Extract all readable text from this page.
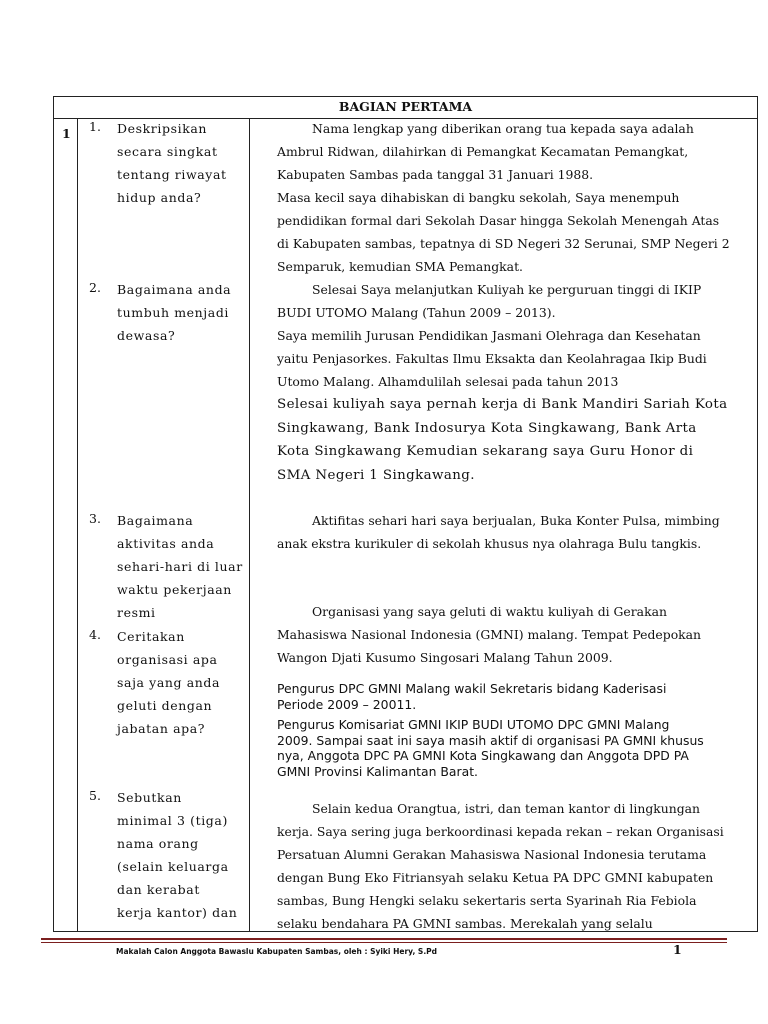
BAGIAN PERTAMA
1 1. Deskripsikan
secara singkat
tentang riwayat
hidup anda?
2. Bagaimana anda
tumbuh menjadi
dewasa?
3. Bagaimana
aktivitas anda
sehari-hari di luar
waktu pekerjaan
resmi
4. Ceritakan
organisasi apa
saja yang anda
geluti dengan
jabatan apa?
5. Sebutkan
minimal 3 (tiga)
nama orang
(selain keluarga
dan kerabat
kerja kantor) dan

Nama lengkap yang diberikan orang tua kepada saya adalah
Ambrul Ridwan, dilahirkan di Pemangkat Kecamatan Pemangkat,
Kabupaten Sambas pada tanggal 31 Januari 1988.

Masa kecil saya dihabiskan di bangku sekolah, Saya menempuh
pendidikan formal dari Sekolah Dasar hingga Sekolah Menengah Atas
di Kabupaten sambas, tepatnya di SD Negeri 32 Serunai, SMP Negeri 2
Semparuk, kemudian SMA Pemangkat.

Selesai Saya melanjutkan Kuliyah ke perguruan tinggi di IKIP
BUDI UTOMO Malang (Tahun 2009 – 2013).

Saya memilih Jurusan Pendidikan Jasmani Olehraga dan Kesehatan
yaitu Penjasorkes. Fakultas Ilmu Eksakta dan Keolahragaa Ikip Budi
Utomo Malang. Alhamdulilah selesai pada tahun 2013

Selesai kuliyah saya pernah kerja di Bank Mandiri Sariah Kota
Singkawang, Bank Indosurya Kota Singkawang, Bank Arta
Kota Singkawang Kemudian sekarang saya Guru Honor di
SMA Negeri 1 Singkawang.

Aktifitas sehari hari saya berjualan, Buka Konter Pulsa, mimbing
anak ekstra kurikuler di sekolah khusus nya olahraga Bulu tangkis.

Organisasi yang saya geluti di waktu kuliyah di Gerakan
Mahasiswa Nasional Indonesia (GMNI) malang. Tempat Pedepokan
Wangon Djati Kusumo Singosari Malang Tahun 2009.

Pengurus DPC GMNI Malang wakil Sekretaris bidang Kaderisasi
Periode 2009 – 20011.

Pengurus Komisariat GMNI IKIP BUDI UTOMO DPC GMNI Malang
2009. Sampai saat ini saya masih aktif di organisasi PA GMNI khusus
nya, Anggota DPC PA GMNI Kota Singkawang dan Anggota DPD PA
GMNI Provinsi Kalimantan Barat.

Selain kedua Orangtua, istri, dan teman kantor di lingkungan
kerja. Saya sering juga berkoordinasi kepada rekan – rekan Organisasi
Persatuan Alumni Gerakan Mahasiswa Nasional Indonesia terutama
dengan Bung Eko Fitriansyah selaku Ketua PA DPC GMNI kabupaten
sambas, Bung Hengki selaku sekertaris serta Syarinah Ria Febiola
selaku bendahara PA GMNI sambas. Merekalah yang selalu

Makalah Calon Anggota Bawaslu Kabupaten Sambas, oleh : Syiki Hery, S.Pd	1
